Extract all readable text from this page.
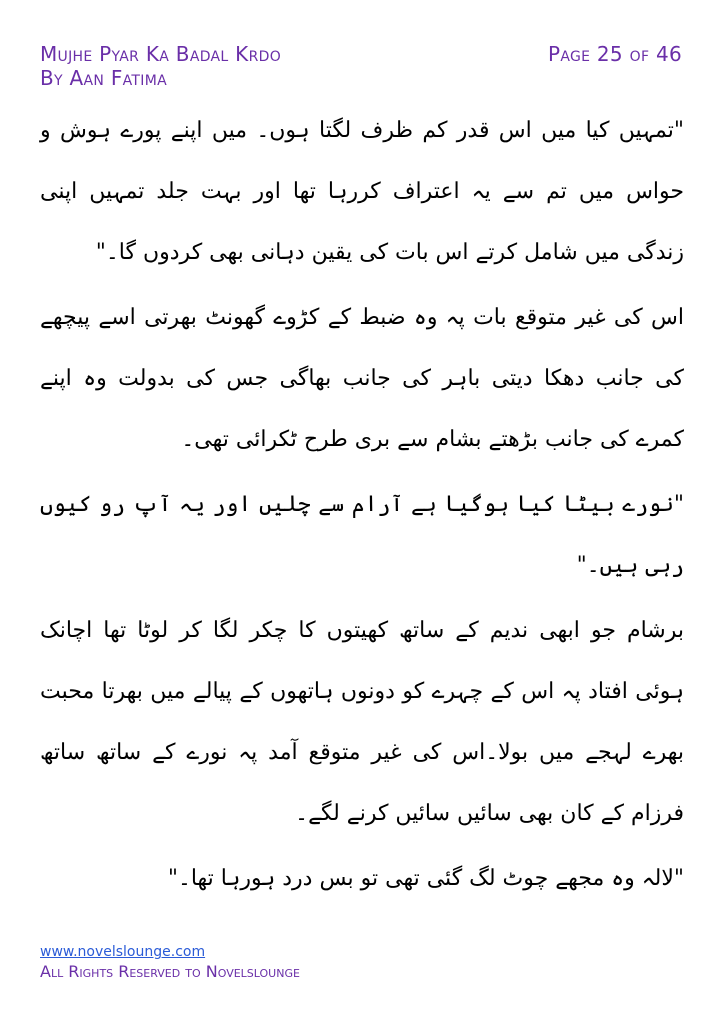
Mujhe Pyar Ka Badal Krdo	Page 25 of 46
By Aan Fatima

"تمہیں کیا میں اس قدر کم ظرف لگتا ہوں۔ میں اپنے پورے ہوش و حواس میں تم سے یہ اعتراف کررہا تھا اور بہت جلد تمہیں اپنی زندگی میں شامل کرتے اس بات کی یقین دہانی بھی کردوں گا۔"

اس کی غیر متوقع بات پہ وہ ضبط کے کڑوے گھونٹ بھرتی اسے پیچھے کی جانب دھکا دیتی باہر کی جانب بھاگی جس کی بدولت وہ اپنے کمرے کی جانب بڑھتے بشام سے بری طرح ٹکرائی تھی۔

"نورے بیٹا کیا ہوگیا ہے آرام سے چلیں اور یہ آپ رو کیوں رہی ہیں۔"

برشام جو ابھی ندیم کے ساتھ کھیتوں کا چکر لگا کر لوٹا تھا اچانک ہوئی افتاد پہ اس کے چہرے کو دونوں ہاتھوں کے پیالے میں بھرتا محبت بھرے لہجے میں بولا۔اس کی غیر متوقع آمد پہ نورے کے ساتھ ساتھ فرزام کے کان بھی سائیں سائیں کرنے لگے۔

"لالہ وہ مجھے چوٹ لگ گئی تھی تو بس درد ہورہا تھا۔"

www.novelslounge.com
All Rights Reserved to Novelslounge
